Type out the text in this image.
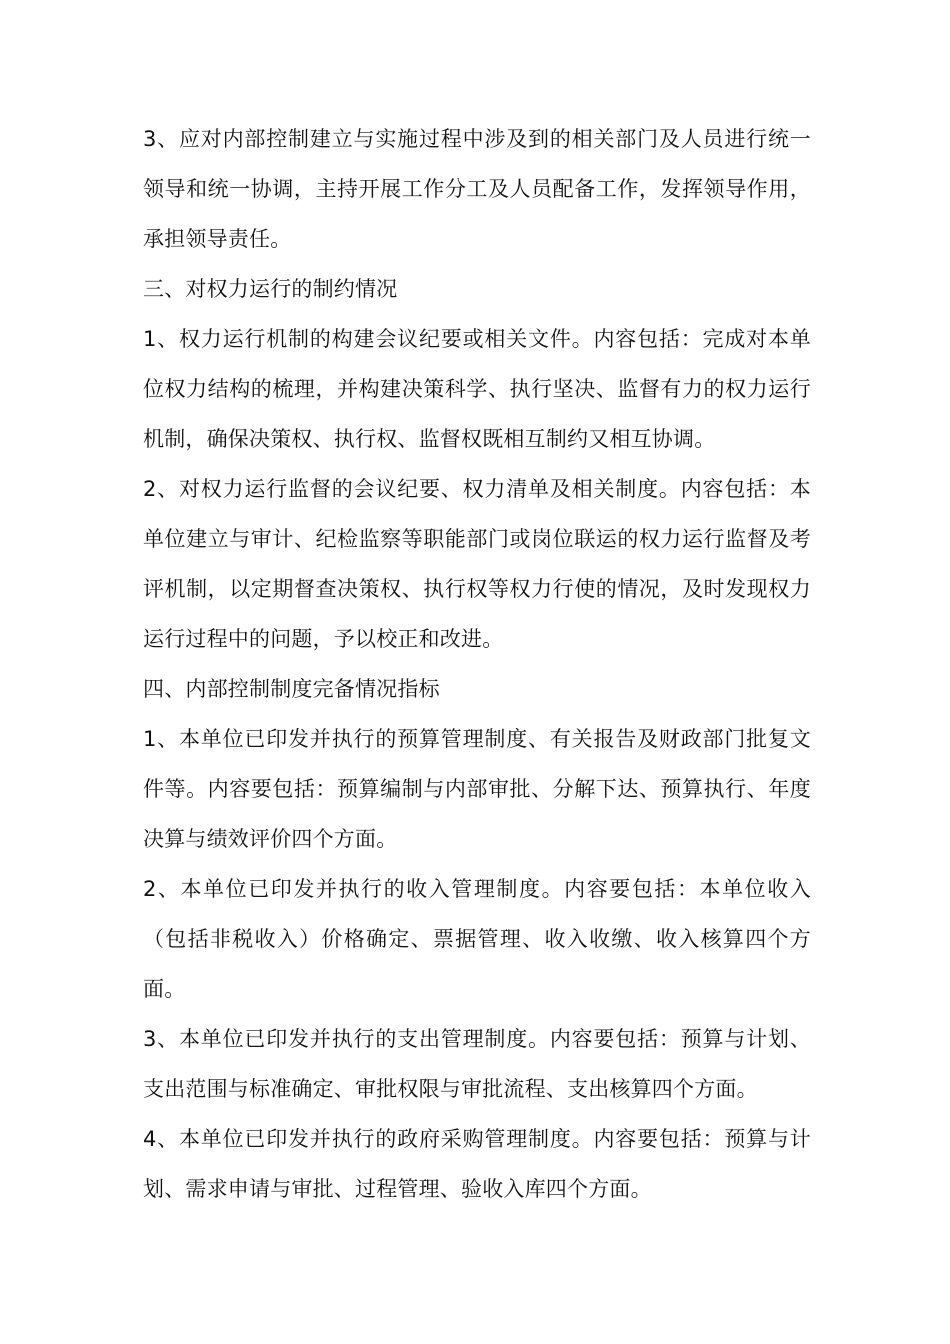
3、应对内部控制建立与实施过程中涉及到的相关部门及人员进行统一领导和统一协调，主持开展工作分工及人员配备工作，发挥领导作用，承担领导责任。

三、对权力运行的制约情况

1、权力运行机制的构建会议纪要或相关文件。内容包括：完成对本单位权力结构的梳理，并构建决策科学、执行坚决、监督有力的权力运行机制，确保决策权、执行权、监督权既相互制约又相互协调。

2、对权力运行监督的会议纪要、权力清单及相关制度。内容包括：本单位建立与审计、纪检监察等职能部门或岗位联运的权力运行监督及考评机制，以定期督查决策权、执行权等权力行使的情况，及时发现权力运行过程中的问题，予以校正和改进。

四、内部控制制度完备情况指标

1、本单位已印发并执行的预算管理制度、有关报告及财政部门批复文件等。内容要包括：预算编制与内部审批、分解下达、预算执行、年度决算与绩效评价四个方面。

2、本单位已印发并执行的收入管理制度。内容要包括：本单位收入（包括非税收入）价格确定、票据管理、收入收缴、收入核算四个方面。

3、本单位已印发并执行的支出管理制度。内容要包括：预算与计划、支出范围与标准确定、审批权限与审批流程、支出核算四个方面。

4、本单位已印发并执行的政府采购管理制度。内容要包括：预算与计划、需求申请与审批、过程管理、验收入库四个方面。
